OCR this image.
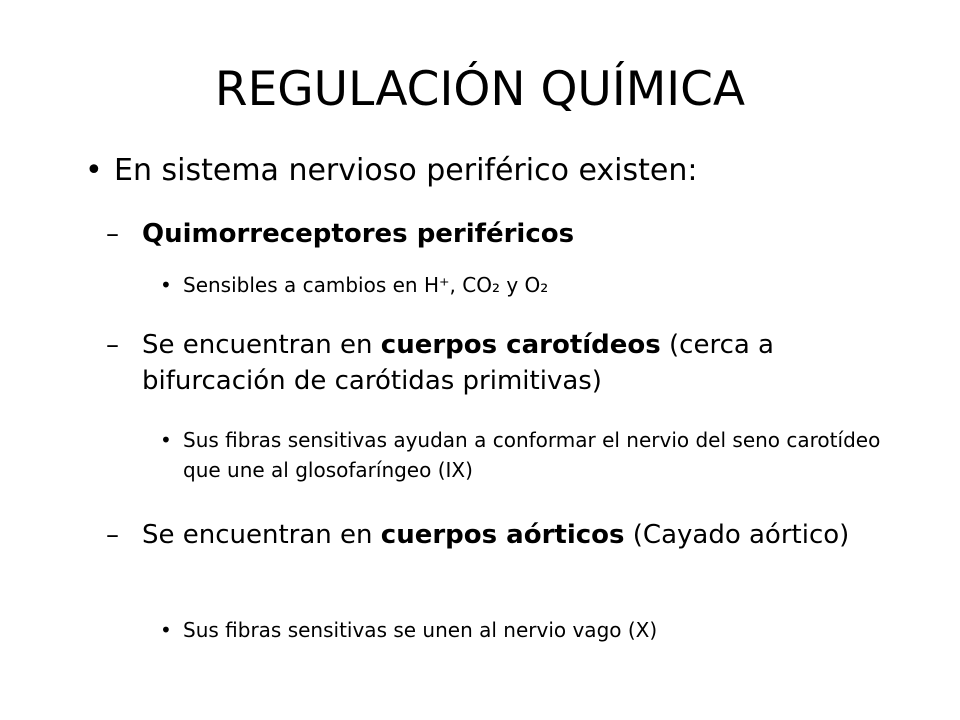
REGULACIÓN QUÍMICA
• En sistema nervioso periférico existen:
– Quimorreceptores periféricos
• Sensibles a cambios en H⁺, CO₂ y O₂
– Se encuentran en cuerpos carotídeos (cerca a bifurcación de carótidas primitivas)
• Sus fibras sensitivas ayudan a conformar el nervio del seno carotídeo que une al glosofaríngeo (IX)
– Se encuentran en cuerpos aórticos (Cayado aórtico)
• Sus fibras sensitivas se unen al nervio vago (X)
